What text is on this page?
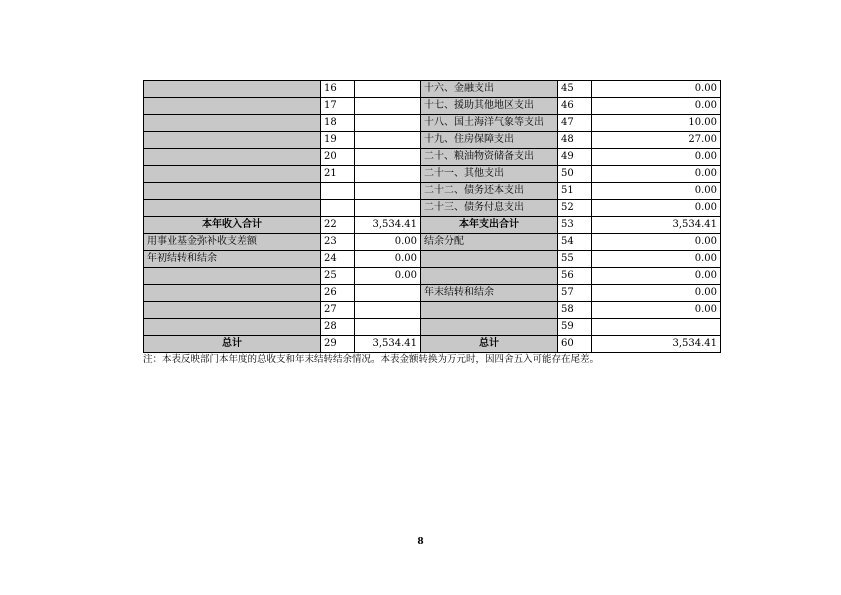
	16		十六、金融支出	45	0.00
	17		十七、援助其他地区支出	46	0.00
	18		十八、国土海洋气象等支出	47	10.00
	19		十九、住房保障支出	48	27.00
	20		二十、粮油物资储备支出	49	0.00
	21		二十一、其他支出	50	0.00
			二十二、债务还本支出	51	0.00
			二十三、债务付息支出	52	0.00
本年收入合计	22	3,534.41	本年支出合计	53	3,534.41
用事业基金弥补收支差额	23	0.00	结余分配	54	0.00
年初结转和结余	24	0.00		55	0.00
	25	0.00		56	0.00
	26		年末结转和结余	57	0.00
	27			58	0.00
	28			59	
总计	29	3,534.41	总计	60	3,534.41
注：本表反映部门本年度的总收支和年末结转结余情况。本表金额转换为万元时，因四舍五入可能存在尾差。
8
